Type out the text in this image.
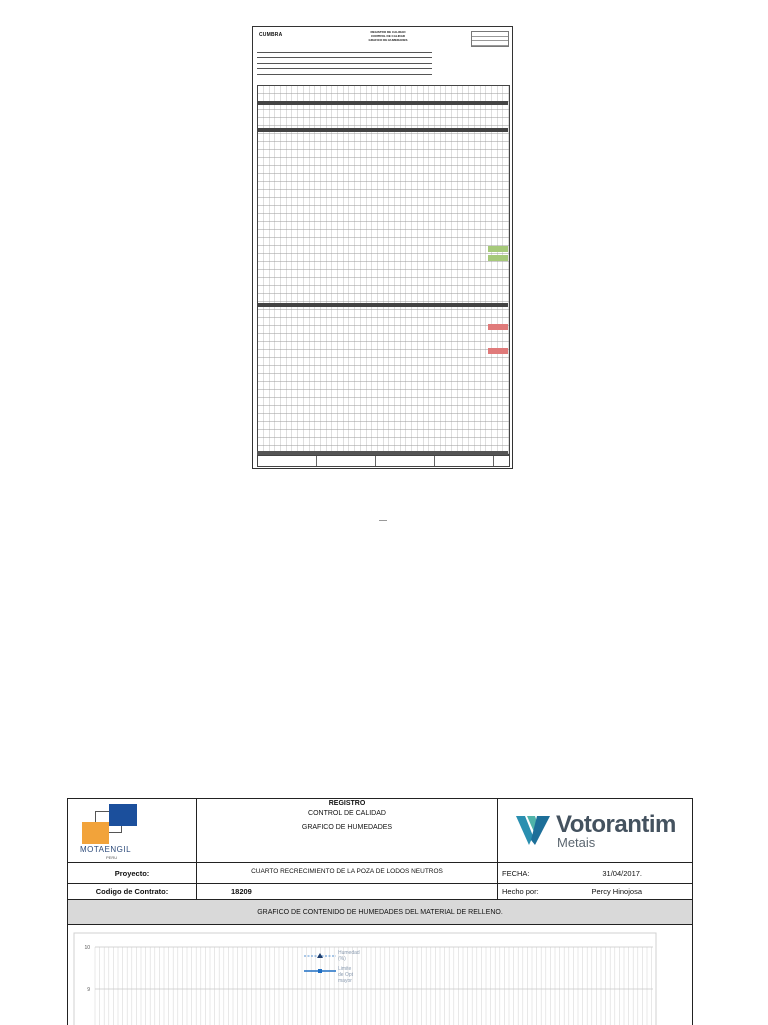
CUMBRA	REGISTRO DE CALIDAD
CONTROL DE CALIDAD
GRAFICO DE HUMEDADES
MOTAENGIL
PERU
REGISTRO
CONTROL DE CALIDAD
GRAFICO DE HUMEDADES	Votorantim
Metais
Proyecto:	CUARTO RECRECIMIENTO DE LA POZA DE LODOS NEUTROS	FECHA:	31/04/2017.
Codigo de Contrato:	18209	Hecho por:	Percy Hinojosa
GRAFICO DE CONTENIDO DE HUMEDADES DEL MATERIAL DE RELLENO.
10
9
Humedad (%)
Limite de Opt mayor
